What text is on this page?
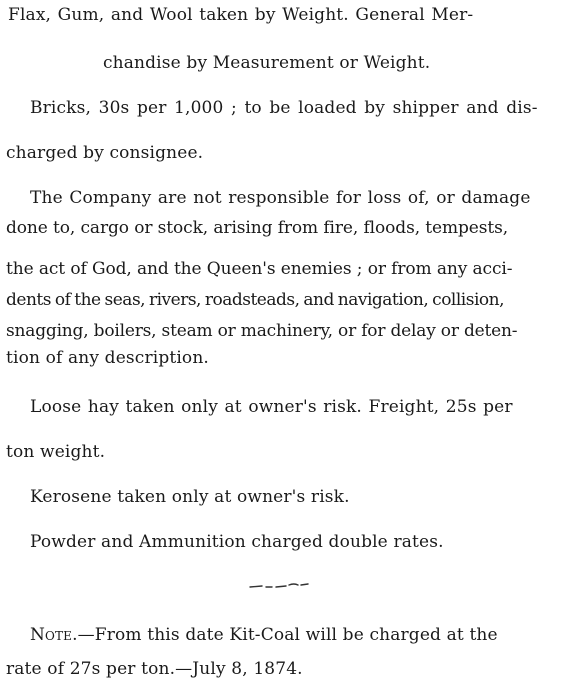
Flax, Gum, and Wool taken by Weight. General Mer-
chandise by Measurement or Weight.
Bricks, 30s per 1,000 ; to be loaded by shipper and dis-
charged by consignee.
The Company are not responsible for loss of, or damage
done to, cargo or stock, arising from fire, floods, tempests,
the act of God, and the Queen's enemies ; or from any acci-
dents of the seas, rivers, roadsteads, and navigation, collision,
snagging, boilers, steam or machinery, or for delay or deten-
tion of any description.
Loose hay taken only at owner's risk. Freight, 25s per
ton weight.
Kerosene taken only at owner's risk.
Powder and Ammunition charged double rates.
Note.—From this date Kit-Coal will be charged at the
rate of 27s per ton.—July 8, 1874.
